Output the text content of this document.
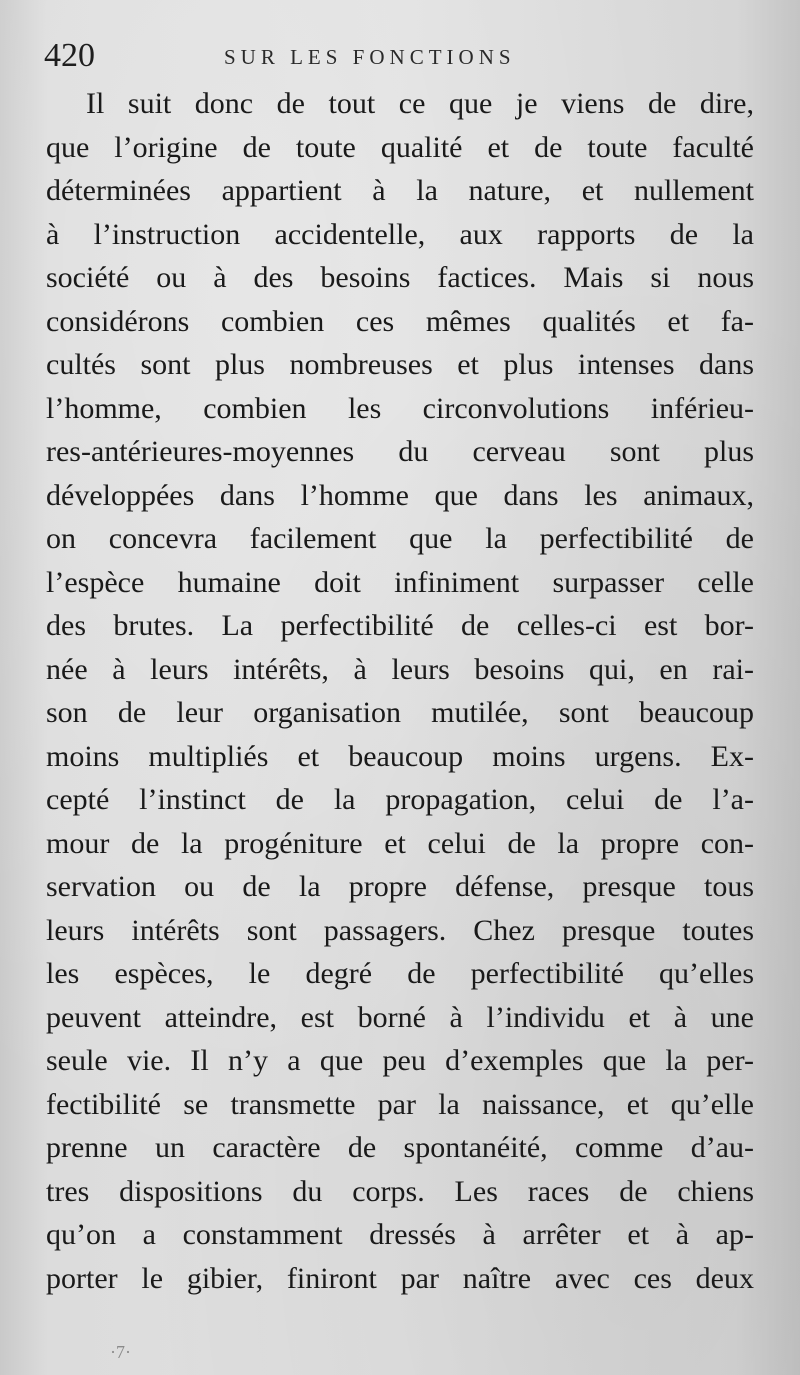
420	SUR LES FONCTIONS
Il suit donc de tout ce que je viens de dire,
que l’origine de toute qualité et de toute faculté
déterminées appartient à la nature, et nullement
à l’instruction accidentelle, aux rapports de la
société ou à des besoins factices. Mais si nous
considérons combien ces mêmes qualités et fa-
cultés sont plus nombreuses et plus intenses dans
l’homme, combien les circonvolutions inférieu-
res-antérieures-moyennes du cerveau sont plus
développées dans l’homme que dans les animaux,
on concevra facilement que la perfectibilité de
l’espèce humaine doit infiniment surpasser celle
des brutes. La perfectibilité de celles-ci est bor-
née à leurs intérêts, à leurs besoins qui, en rai-
son de leur organisation mutilée, sont beaucoup
moins multipliés et beaucoup moins urgens. Ex-
cepté l’instinct de la propagation, celui de l’a-
mour de la progéniture et celui de la propre con-
servation ou de la propre défense, presque tous
leurs intérêts sont passagers. Chez presque toutes
les espèces, le degré de perfectibilité qu’elles
peuvent atteindre, est borné à l’individu et à une
seule vie. Il n’y a que peu d’exemples que la per-
fectibilité se transmette par la naissance, et qu’elle
prenne un caractère de spontanéité, comme d’au-
tres dispositions du corps. Les races de chiens
qu’on a constamment dressés à arrêter et à ap-
porter le gibier, finiront par naître avec ces deux
·7·
